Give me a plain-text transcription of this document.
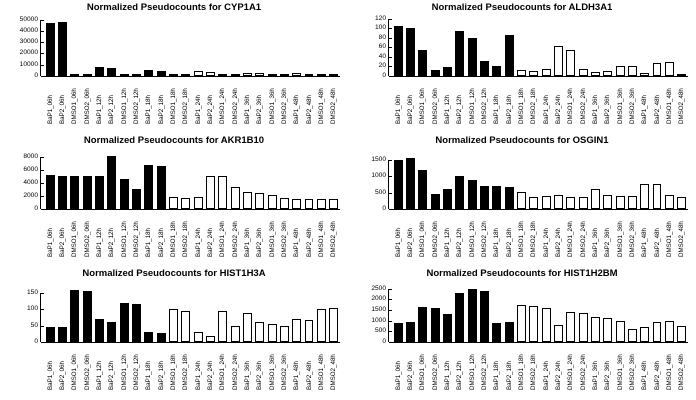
Normalized Pseudocounts for CYP1A1
0
10000
20000
30000
40000
50000
BaP1_06h BaP2_06h DMSO1_06h DMSO2_06h BaP1_12h BaP2_12h DMSO1_12h DMSO2_12h BaP1_18h BaP2_18h DMSO1_18h DMSO2_18h BaP1_24h BaP2_24h DMSO1_24h DMSO2_24h BaP1_36h BaP2_36h DMSO1_36h DMSO2_36h BaP1_48h BaP2_48h DMSO1_48h DMSO2_48h
Normalized Pseudocounts for ALDH3A1
0
20
40
60
80
100
120
BaP1_06h BaP2_06h DMSO1_06h DMSO2_06h BaP1_12h BaP2_12h DMSO1_12h DMSO2_12h BaP1_18h BaP2_18h DMSO1_18h DMSO2_18h BaP1_24h BaP2_24h DMSO1_24h DMSO2_24h BaP1_36h BaP2_36h DMSO1_36h DMSO2_36h BaP1_48h BaP2_48h DMSO1_48h DMSO2_48h
Normalized Pseudocounts for AKR1B10
0
2000
4000
6000
8000
BaP1_06h BaP2_06h DMSO1_06h DMSO2_06h BaP1_12h BaP2_12h DMSO1_12h DMSO2_12h BaP1_18h BaP2_18h DMSO1_18h DMSO2_18h BaP1_24h BaP2_24h DMSO1_24h DMSO2_24h BaP1_36h BaP2_36h DMSO1_36h DMSO2_36h BaP1_48h BaP2_48h DMSO1_48h DMSO2_48h
Normalized Pseudocounts for OSGIN1
0
500
1000
1500
BaP1_06h BaP2_06h DMSO1_06h DMSO2_06h BaP1_12h BaP2_12h DMSO1_12h DMSO2_12h BaP1_18h BaP2_18h DMSO1_18h DMSO2_18h BaP1_24h BaP2_24h DMSO1_24h DMSO2_24h BaP1_36h BaP2_36h DMSO1_36h DMSO2_36h BaP1_48h BaP2_48h DMSO1_48h DMSO2_48h
Normalized Pseudocounts for HIST1H3A
0
50
100
150
BaP1_06h BaP2_06h DMSO1_06h DMSO2_06h BaP1_12h BaP2_12h DMSO1_12h DMSO2_12h BaP1_18h BaP2_18h DMSO1_18h DMSO2_18h BaP1_24h BaP2_24h DMSO1_24h DMSO2_24h BaP1_36h BaP2_36h DMSO1_36h DMSO2_36h BaP1_48h BaP2_48h DMSO1_48h DMSO2_48h
Normalized Pseudocounts for HIST1H2BM
0
500
1000
1500
2000
2500
BaP1_06h BaP2_06h DMSO1_06h DMSO2_06h BaP1_12h BaP2_12h DMSO1_12h DMSO2_12h BaP1_18h BaP2_18h DMSO1_18h DMSO2_18h BaP1_24h BaP2_24h DMSO1_24h DMSO2_24h BaP1_36h BaP2_36h DMSO1_36h DMSO2_36h BaP1_48h BaP2_48h DMSO1_48h DMSO2_48h
